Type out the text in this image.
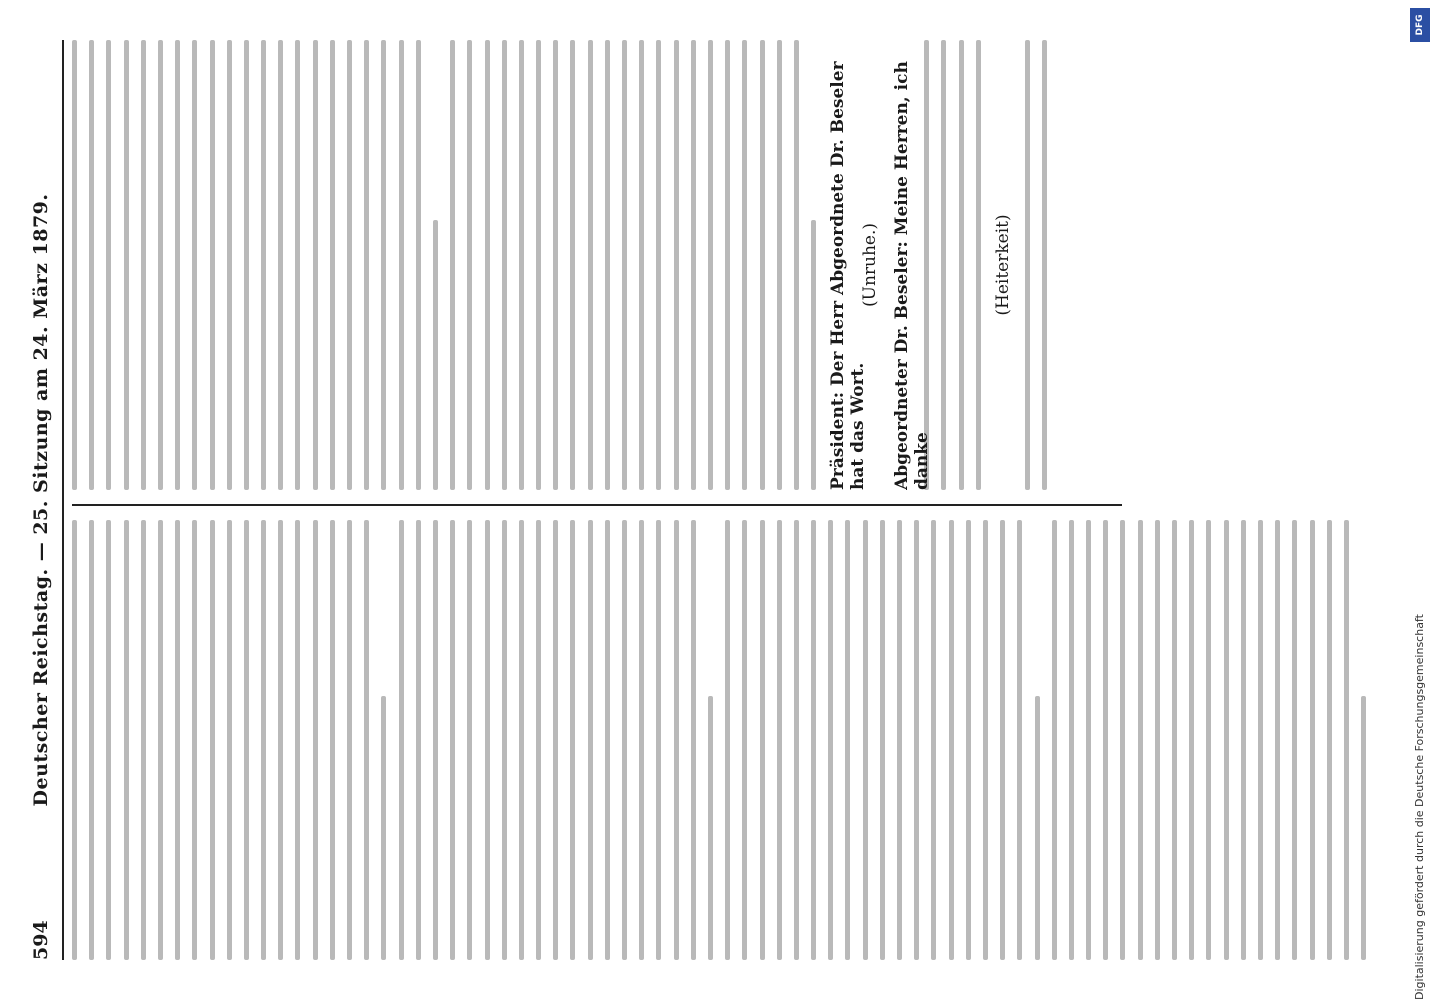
594
Deutscher Reichstag. — 25. Sitzung am 24. März 1879.	Präsident: Der Herr Abgeordnete Dr. Beseler hat das Wort.
(Unruhe.) Abgeordneter Dr. Beseler: Meine Herren, ich danke
(Heiterkeit)
DFG
Digitalisierung gefördert durch die Deutsche Forschungsgemeinschaft
